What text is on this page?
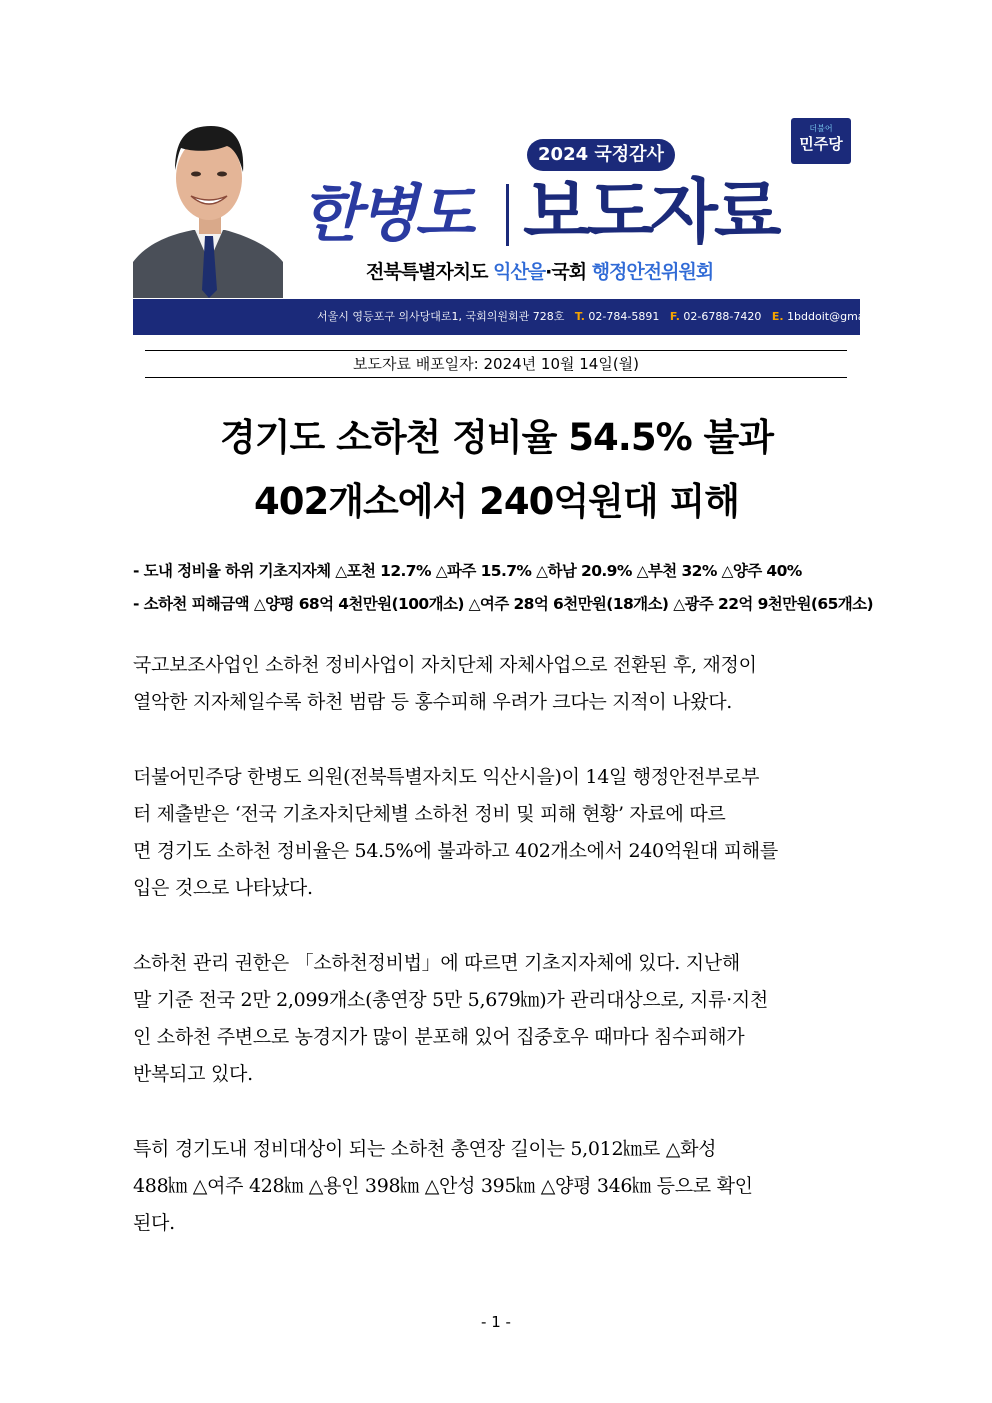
더불어
민주당
2024 국정감사
한병도 보도자료
전북특별자치도 익산을·국회 행정안전위원회
서울시 영등포구 의사당대로1, 국회의원회관 728호 T. 02-784-5891 F. 02-6788-7420 E. 1bddoit@gmail.com
보도자료 배포일자: 2024년 10월 14일(월)
경기도 소하천 정비율 54.5% 불과
402개소에서 240억원대 피해
- 도내 정비율 하위 기초지자체 △포천 12.7% △파주 15.7% △하남 20.9% △부천 32% △양주 40%
- 소하천 피해금액 △양평 68억 4천만원(100개소) △여주 28억 6천만원(18개소) △광주 22억 9천만원(65개소)
국고보조사업인 소하천 정비사업이 자치단체 자체사업으로 전환된 후, 재정이
열악한 지자체일수록 하천 범람 등 홍수피해 우려가 크다는 지적이 나왔다.
더불어민주당 한병도 의원(전북특별자치도 익산시을)이 14일 행정안전부로부
터 제출받은 ‘전국 기초자치단체별 소하천 정비 및 피해 현황’ 자료에 따르
면 경기도 소하천 정비율은 54.5%에 불과하고 402개소에서 240억원대 피해를
입은 것으로 나타났다.
소하천 관리 권한은 「소하천정비법」에 따르면 기초지자체에 있다. 지난해
말 기준 전국 2만 2,099개소(총연장 5만 5,679㎞)가 관리대상으로, 지류·지천
인 소하천 주변으로 농경지가 많이 분포해 있어 집중호우 때마다 침수피해가
반복되고 있다.
특히 경기도내 정비대상이 되는 소하천 총연장 길이는 5,012㎞로 △화성
488㎞ △여주 428㎞ △용인 398㎞ △안성 395㎞ △양평 346㎞ 등으로 확인
된다.
- 1 -
